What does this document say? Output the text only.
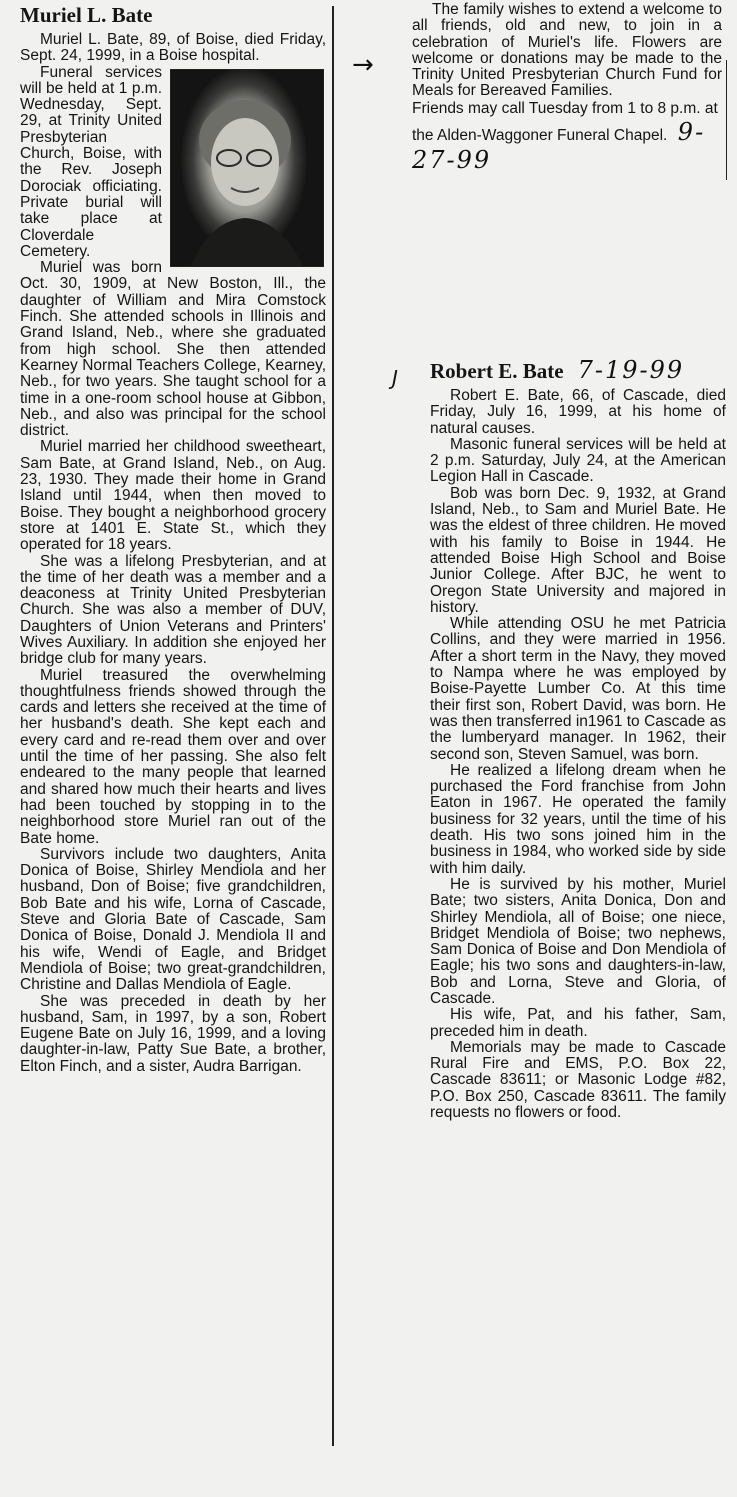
Muriel L. Bate

Muriel L. Bate, 89, of Boise, died Friday, Sept. 24, 1999, in a Boise hospital.

Funeral services will be held at 1 p.m. Wednesday, Sept. 29, at Trinity United Presbyterian Church, Boise, with the Rev. Joseph Dorociak officiating. Private burial will take place at Cloverdale Cemetery.

Muriel was born Oct. 30, 1909, at New Boston, Ill., the daughter of William and Mira Comstock Finch. She attended schools in Illinois and Grand Island, Neb., where she graduated from high school. She then attended Kearney Normal Teachers College, Kearney, Neb., for two years. She taught school for a time in a one-room school house at Gibbon, Neb., and also was principal for the school district.

Muriel married her childhood sweetheart, Sam Bate, at Grand Island, Neb., on Aug. 23, 1930. They made their home in Grand Island until 1944, when then moved to Boise. They bought a neighborhood grocery store at 1401 E. State St., which they operated for 18 years.

She was a lifelong Presbyterian, and at the time of her death was a member and a deaconess at Trinity United Presbyterian Church. She was also a member of DUV, Daughters of Union Veterans and Printers' Wives Auxiliary. In addition she enjoyed her bridge club for many years.

Muriel treasured the overwhelming thoughtfulness friends showed through the cards and letters she received at the time of her husband's death. She kept each and every card and re-read them over and over until the time of her passing. She also felt endeared to the many people that learned and shared how much their hearts and lives had been touched by stopping in to the neighborhood store Muriel ran out of the Bate home.

Survivors include two daughters, Anita Donica of Boise, Shirley Mendiola and her husband, Don of Boise; five grandchildren, Bob Bate and his wife, Lorna of Cascade, Steve and Gloria Bate of Cascade, Sam Donica of Boise, Donald J. Mendiola II and his wife, Wendi of Eagle, and Bridget Mendiola of Boise; two great-grandchildren, Christine and Dallas Mendiola of Eagle.

She was preceded in death by her husband, Sam, in 1997, by a son, Robert Eugene Bate on July 16, 1999, and a loving daughter-in-law, Patty Sue Bate, a brother, Elton Finch, and a sister, Audra Barrigan.

→
J

The family wishes to extend a welcome to all friends, old and new, to join in a celebration of Muriel's life. Flowers are welcome or donations may be made to the Trinity United Presbyterian Church Fund for Meals for Bereaved Families.

Friends may call Tuesday from 1 to 8 p.m. at the Alden-Waggoner Funeral Chapel. 9-27-99
Robert E. Bate 7-19-99

Robert E. Bate, 66, of Cascade, died Friday, July 16, 1999, at his home of natural causes.

Masonic funeral services will be held at 2 p.m. Saturday, July 24, at the American Legion Hall in Cascade.

Bob was born Dec. 9, 1932, at Grand Island, Neb., to Sam and Muriel Bate. He was the eldest of three children. He moved with his family to Boise in 1944. He attended Boise High School and Boise Junior College. After BJC, he went to Oregon State University and majored in history.

While attending OSU he met Patricia Collins, and they were married in 1956. After a short term in the Navy, they moved to Nampa where he was employed by Boise-Payette Lumber Co. At this time their first son, Robert David, was born. He was then transferred in1961 to Cascade as the lumberyard manager. In 1962, their second son, Steven Samuel, was born.

He realized a lifelong dream when he purchased the Ford franchise from John Eaton in 1967. He operated the family business for 32 years, until the time of his death. His two sons joined him in the business in 1984, who worked side by side with him daily.

He is survived by his mother, Muriel Bate; two sisters, Anita Donica, Don and Shirley Mendiola, all of Boise; one niece, Bridget Mendiola of Boise; two nephews, Sam Donica of Boise and Don Mendiola of Eagle; his two sons and daughters-in-law, Bob and Lorna, Steve and Gloria, of Cascade.

His wife, Pat, and his father, Sam, preceded him in death.

Memorials may be made to Cascade Rural Fire and EMS, P.O. Box 22, Cascade 83611; or Masonic Lodge #82, P.O. Box 250, Cascade 83611. The family requests no flowers or food.
